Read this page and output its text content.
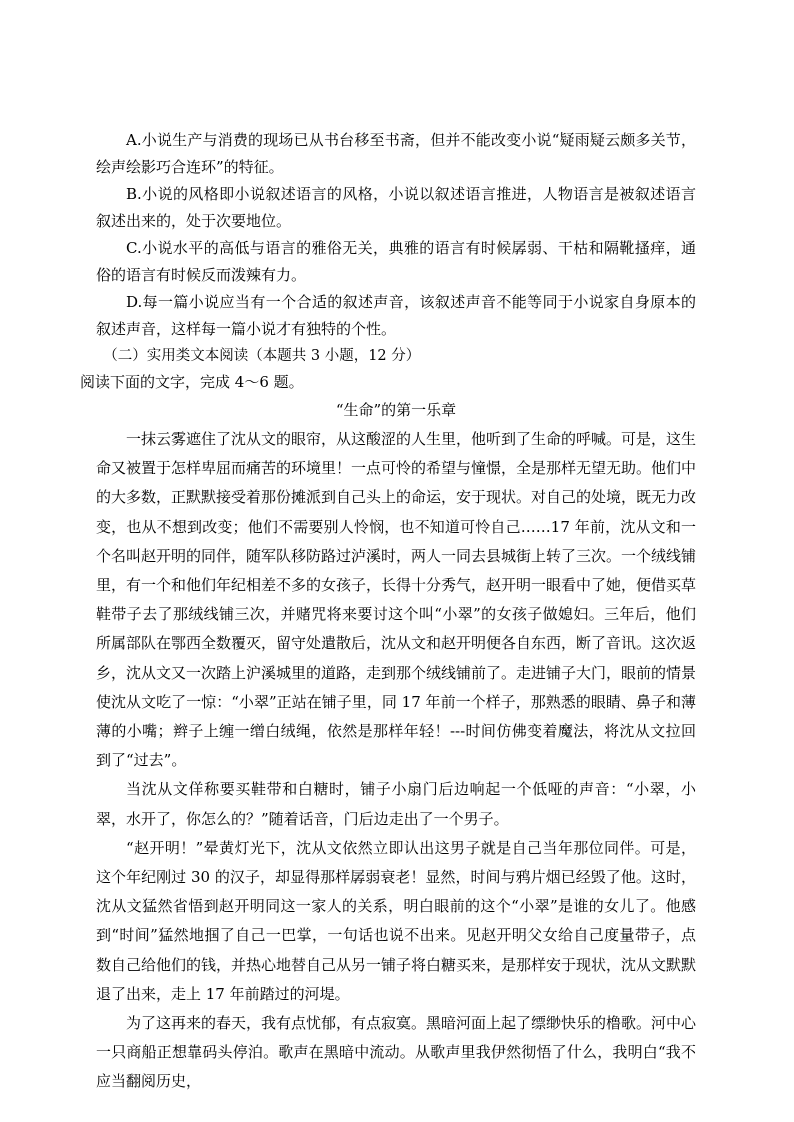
A.小说生产与消费的现场已从书台移至书斋，但并不能改变小说“疑雨疑云颇多关节，绘声绘影巧合连环”的特征。

B.小说的风格即小说叙述语言的风格，小说以叙述语言推进，人物语言是被叙述语言叙述出来的，处于次要地位。

C.小说水平的高低与语言的雅俗无关，典雅的语言有时候孱弱、干枯和隔靴搔痒，通俗的语言有时候反而泼辣有力。

D.每一篇小说应当有一个合适的叙述声音，该叙述声音不能等同于小说家自身原本的叙述声音，这样每一篇小说才有独特的个性。

（二）实用类文本阅读（本题共 3 小题，12 分）

阅读下面的文字，完成 4～6 题。

“生命”的第一乐章

一抹云雾遮住了沈从文的眼帘，从这酸涩的人生里，他听到了生命的呼喊。可是，这生命又被置于怎样卑屈而痛苦的环境里！一点可怜的希望与憧憬，全是那样无望无助。他们中的大多数，正默默接受着那份摊派到自己头上的命运，安于现状。对自己的处境，既无力改变，也从不想到改变；他们不需要别人怜悯，也不知道可怜自己……17 年前，沈从文和一个名叫赵开明的同伴，随军队移防路过泸溪时，两人一同去县城街上转了三次。一个绒线铺里，有一个和他们年纪相差不多的女孩子，长得十分秀气，赵开明一眼看中了她，便借买草鞋带子去了那绒线铺三次，并赌咒将来要讨这个叫“小翠”的女孩子做媳妇。三年后，他们所属部队在鄂西全数覆灭，留守处遣散后，沈从文和赵开明便各自东西，断了音讯。这次返乡，沈从文又一次踏上沪溪城里的道路，走到那个绒线铺前了。走进铺子大门，眼前的情景使沈从文吃了一惊：“小翠”正站在铺子里，同 17 年前一个样子，那熟悉的眼睛、鼻子和薄薄的小嘴；辫子上缠一缯白绒绳，依然是那样年轻！---时间仿佛变着魔法，将沈从文拉回到了“过去”。

当沈从文佯称要买鞋带和白糖时，铺子小扇门后边响起一个低哑的声音：“小翠，小翠，水开了，你怎么的？”随着话音，门后边走出了一个男子。

“赵开明！”晕黄灯光下，沈从文依然立即认出这男子就是自己当年那位同伴。可是，这个年纪刚过 30 的汉子，却显得那样孱弱衰老！显然，时间与鸦片烟已经毁了他。这时，沈从文猛然省悟到赵开明同这一家人的关系，明白眼前的这个“小翠”是谁的女儿了。他感到“时间”猛然地掴了自己一巴掌，一句话也说不出来。见赵开明父女给自己度量带子，点数自己给他们的钱，并热心地替自己从另一铺子将白糖买来，是那样安于现状，沈从文默默退了出来，走上 17 年前踏过的河堤。

为了这再来的春天，我有点忧郁，有点寂寞。黑暗河面上起了缥缈快乐的橹歌。河中心一只商船正想靠码头停泊。歌声在黑暗中流动。从歌声里我伊然彻悟了什么，我明白“我不应当翻阅历史，
